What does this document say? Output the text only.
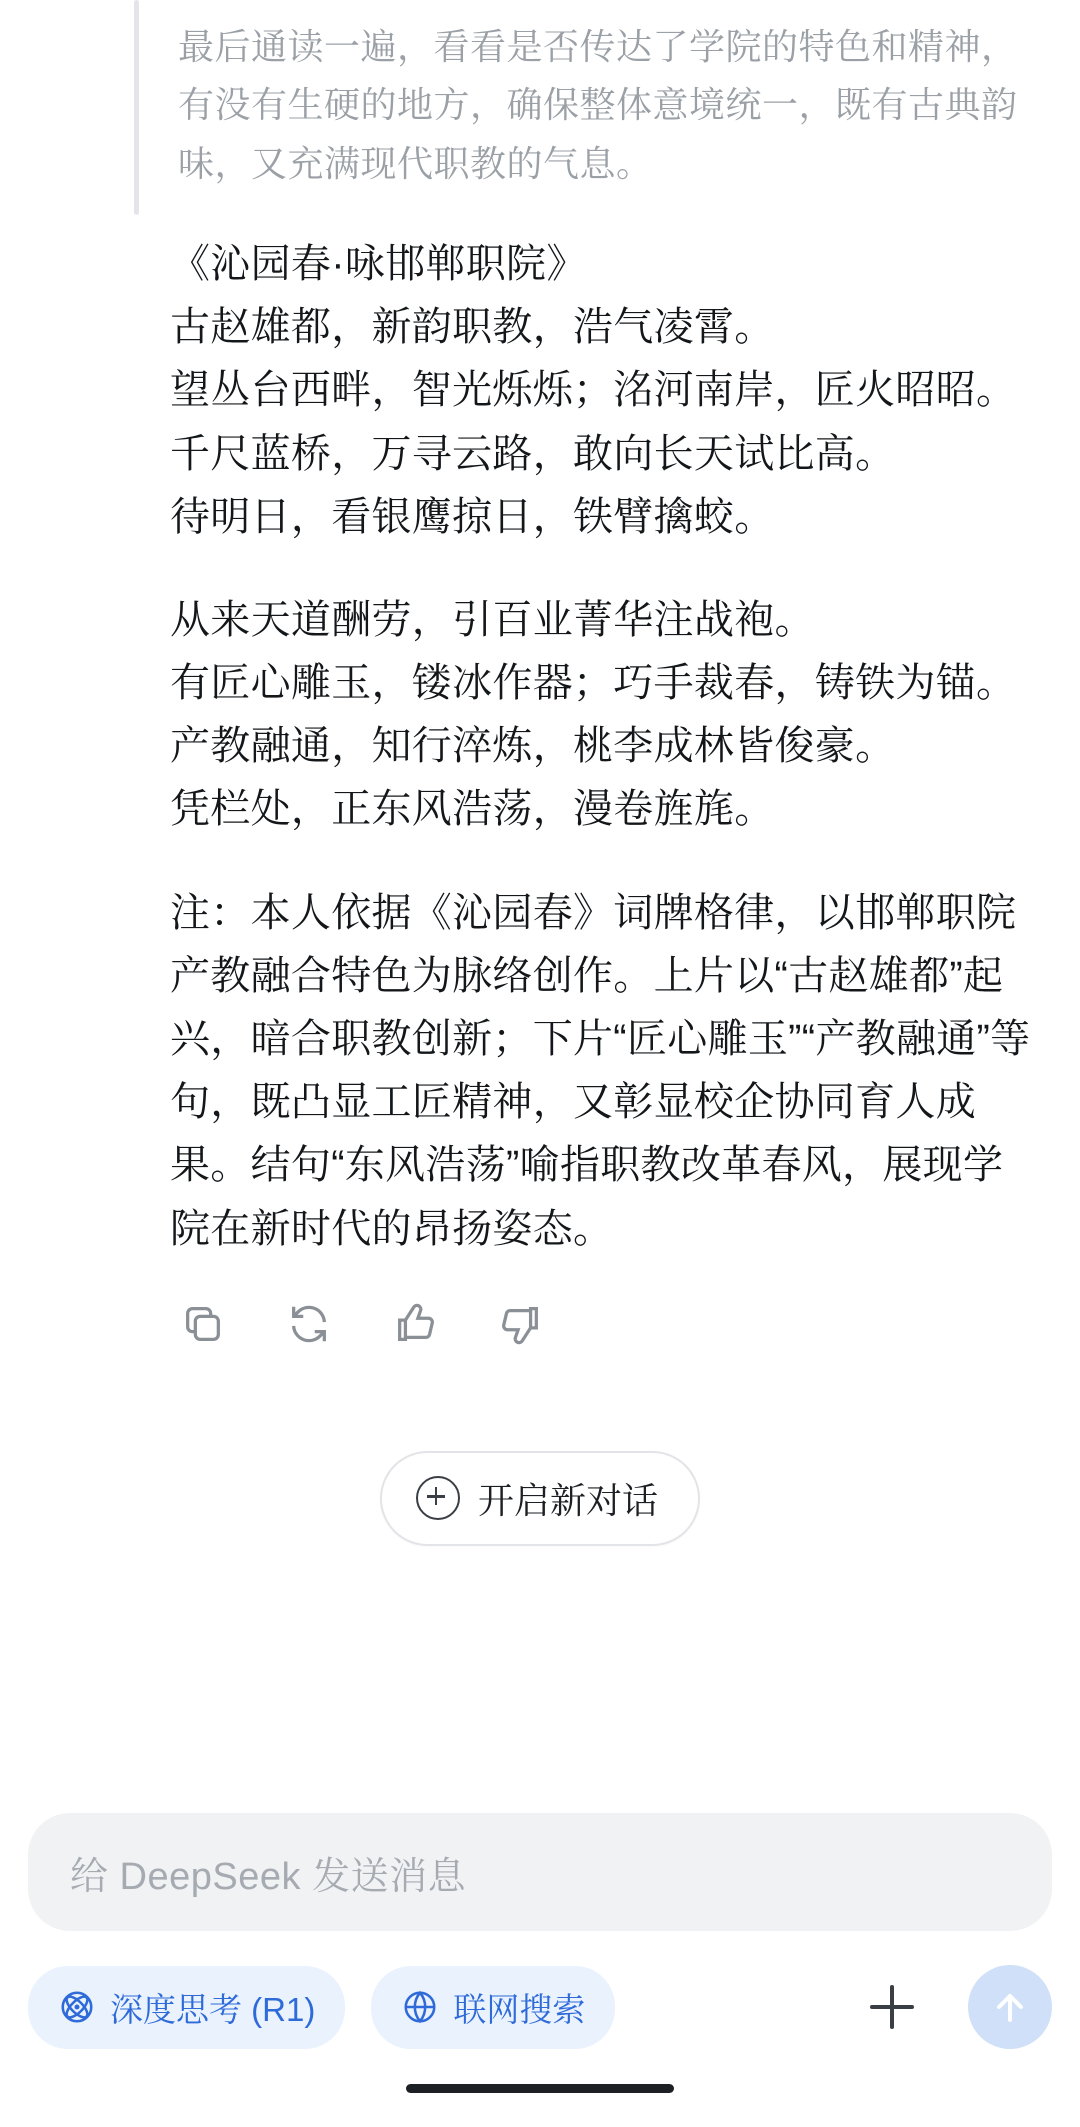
最后通读一遍，看看是否传达了学院的特色和精神，有没有生硬的地方，确保整体意境统一，既有古典韵味，又充满现代职教的气息。

《沁园春·咏邯郸职院》

古赵雄都，新韵职教，浩气凌霄。

望丛台西畔，智光烁烁；洺河南岸，匠火昭昭。

千尺蓝桥，万寻云路，敢向长天试比高。

待明日，看银鹰掠日，铁臂擒蛟。

从来天道酬劳，引百业菁华注战袍。

有匠心雕玉，镂冰作器；巧手裁春，铸铁为锚。

产教融通，知行淬炼，桃李成林皆俊豪。

凭栏处，正东风浩荡，漫卷旌旄。

注：本人依据《沁园春》词牌格律，以邯郸职院产教融合特色为脉络创作。上片以“古赵雄都”起兴，暗合职教创新；下片“匠心雕玉”“产教融通”等句，既凸显工匠精神，又彰显校企协同育人成果。结句“东风浩荡”喻指职教改革春风，展现学院在新时代的昂扬姿态。

开启新对话
给 DeepSeek 发送消息
深度思考 (R1)	联网搜索
